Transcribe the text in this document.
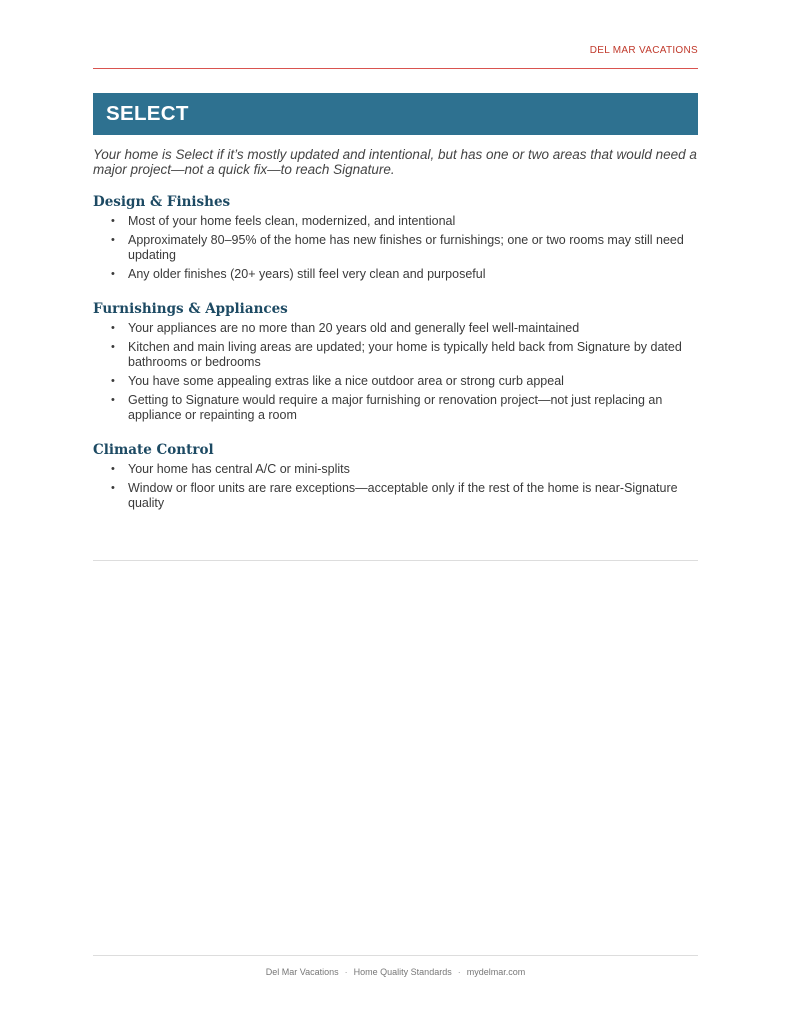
DEL MAR VACATIONS
SELECT

Your home is Select if it’s mostly updated and intentional, but has one or two areas that would need a major project—not a quick fix—to reach Signature.

Design & Finishes
• Most of your home feels clean, modernized, and intentional
• Approximately 80–95% of the home has new finishes or furnishings; one or two rooms may still need updating
• Any older finishes (20+ years) still feel very clean and purposeful
Furnishings & Appliances
• Your appliances are no more than 20 years old and generally feel well-maintained
• Kitchen and main living areas are updated; your home is typically held back from Signature by dated bathrooms or bedrooms
• You have some appealing extras like a nice outdoor area or strong curb appeal
• Getting to Signature would require a major furnishing or renovation project—not just replacing an appliance or repainting a room
Climate Control
• Your home has central A/C or mini-splits
• Window or floor units are rare exceptions—acceptable only if the rest of the home is near-Signature quality
Del Mar Vacations · Home Quality Standards · mydelmar.com
